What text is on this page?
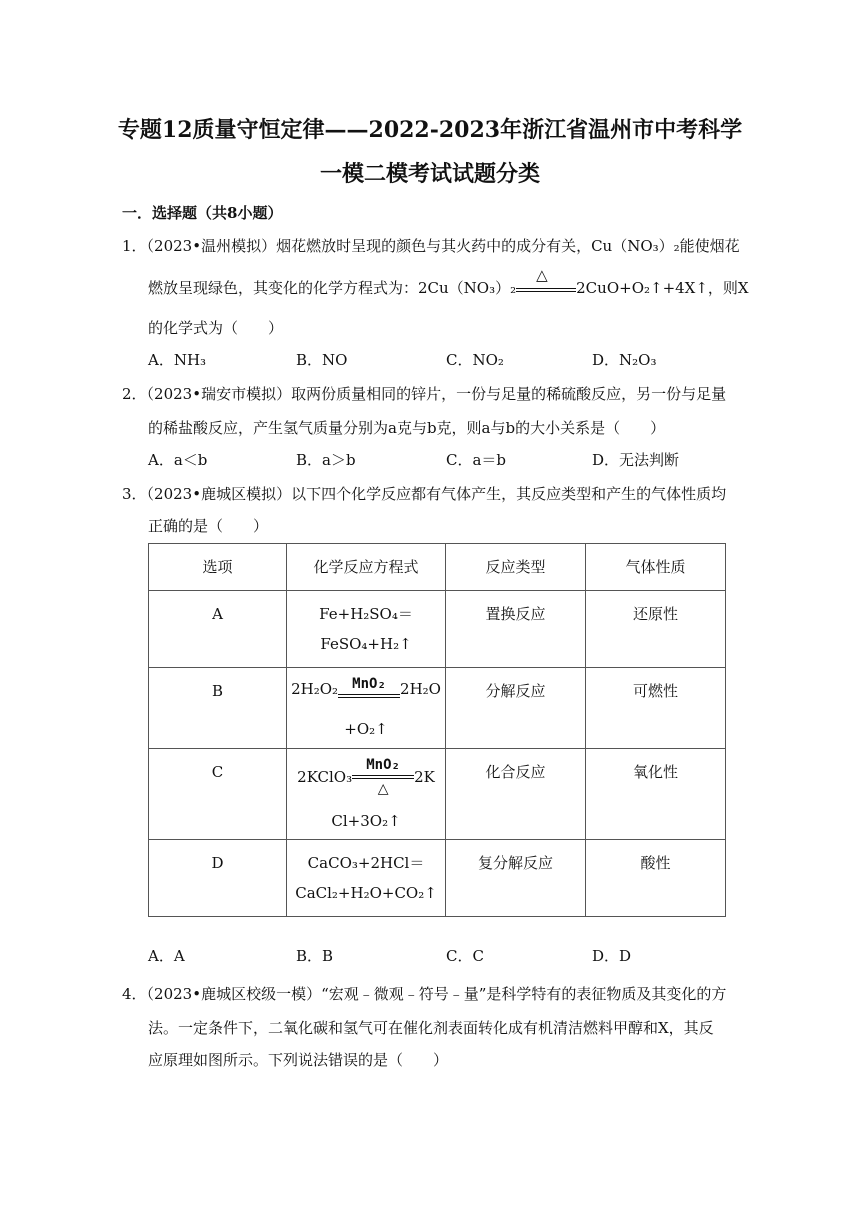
专题12质量守恒定律——2022-2023年浙江省温州市中考科学
一模二模考试试题分类
一．选择题（共8小题）
1．（2023•温州模拟）烟花燃放时呈现的颜色与其火药中的成分有关，Cu（NO₃）₂能使烟花
燃放呈现绿色，其变化的化学方程式为：2Cu（NO₃）₂
△
2CuO+O₂↑+4X↑，则X
的化学式为（　　）
A．NH₃	B．NO	C．NO₂	D．N₂O₃
2．（2023•瑞安市模拟）取两份质量相同的锌片，一份与足量的稀硫酸反应，另一份与足量
的稀盐酸反应，产生氢气质量分别为a克与b克，则a与b的大小关系是（　　）
A．a＜b	B．a＞b	C．a＝b	D．无法判断
3．（2023•鹿城区模拟）以下四个化学反应都有气体产生，其反应类型和产生的气体性质均
正确的是（　　）
选项	化学反应方程式	反应类型	气体性质
A	Fe+H₂SO₄＝
FeSO₄+H₂↑	置换反应	还原性
B	2H₂O₂ MnO₂ 2H₂O
+O₂↑	分解反应	可燃性
C	2KClO₃
MnO₂
△
2K
Cl+3O₂↑	化合反应	氧化性
D	CaCO₃+2HCl＝
CaCl₂+H₂O+CO₂↑	复分解反应	酸性
A．A	B．B	C．C	D．D
4．（2023•鹿城区校级一模）“宏观﹣微观﹣符号﹣量”是科学特有的表征物质及其变化的方
法。一定条件下，二氧化碳和氢气可在催化剂表面转化成有机清洁燃料甲醇和X，其反
应原理如图所示。下列说法错误的是（　　）
